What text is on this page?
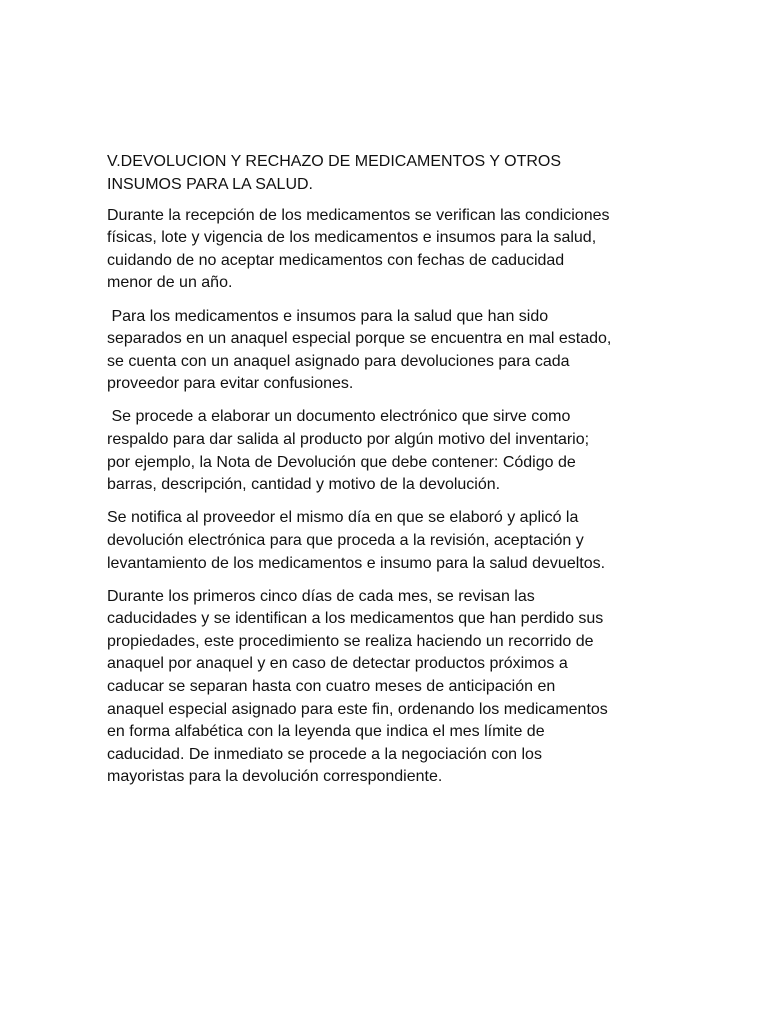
V.DEVOLUCION Y RECHAZO DE MEDICAMENTOS Y OTROS
INSUMOS PARA LA SALUD.

Durante la recepción de los medicamentos se verifican las condiciones
físicas, lote y vigencia de los medicamentos e insumos para la salud,
cuidando de no aceptar medicamentos con fechas de caducidad
menor de un año.

Para los medicamentos e insumos para la salud que han sido
separados en un anaquel especial porque se encuentra en mal estado,
se cuenta con un anaquel asignado para devoluciones para cada
proveedor para evitar confusiones.

Se procede a elaborar un documento electrónico que sirve como
respaldo para dar salida al producto por algún motivo del inventario;
por ejemplo, la Nota de Devolución que debe contener: Código de
barras, descripción, cantidad y motivo de la devolución.

Se notifica al proveedor el mismo día en que se elaboró y aplicó la
devolución electrónica para que proceda a la revisión, aceptación y
levantamiento de los medicamentos e insumo para la salud devueltos.

Durante los primeros cinco días de cada mes, se revisan las
caducidades y se identifican a los medicamentos que han perdido sus
propiedades, este procedimiento se realiza haciendo un recorrido de
anaquel por anaquel y en caso de detectar productos próximos a
caducar se separan hasta con cuatro meses de anticipación en
anaquel especial asignado para este fin, ordenando los medicamentos
en forma alfabética con la leyenda que indica el mes límite de
caducidad. De inmediato se procede a la negociación con los
mayoristas para la devolución correspondiente.
